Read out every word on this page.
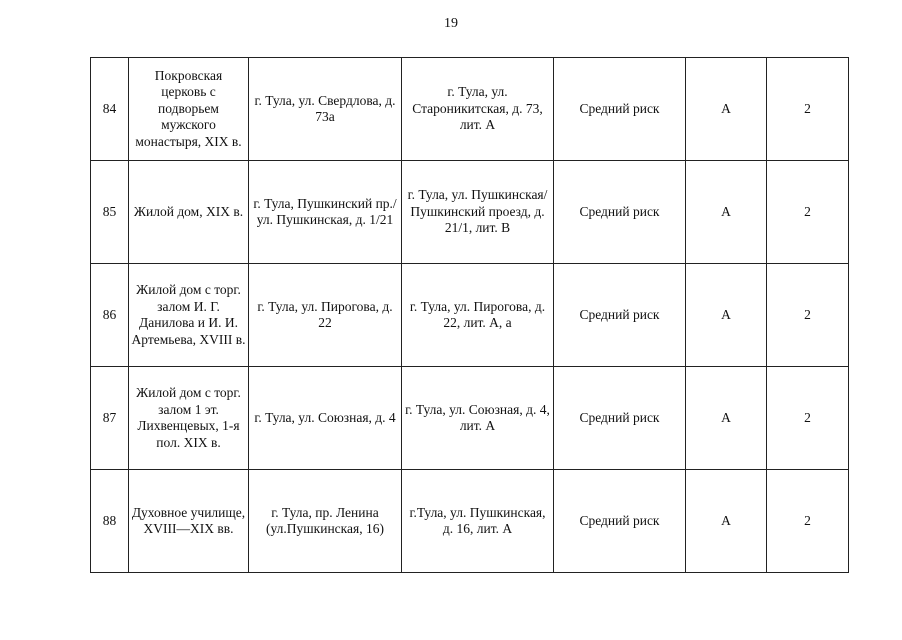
19
84	Покровская церковь с подворьем мужского монастыря, XIX в.	г. Тула, ул. Свердлова, д. 73а	г. Тула, ул. Староникитская, д. 73, лит. А	Средний риск	А	2
85	Жилой дом, XIX в.	г. Тула, Пушкинский пр./ул. Пушкинская, д. 1/21	г. Тула, ул. Пушкинская/ Пушкинский проезд, д. 21/1, лит. В	Средний риск	А	2
86	Жилой дом с торг. залом И. Г. Данилова и И. И. Артемьева, XVIII в.	г. Тула, ул. Пирогова, д. 22	г. Тула, ул. Пирогова, д. 22, лит. А, а	Средний риск	А	2
87	Жилой дом с торг. залом 1 эт. Лихвенцевых, 1-я пол. XIX в.	г. Тула, ул. Союзная, д. 4	г. Тула, ул. Союзная, д. 4, лит. А	Средний риск	А	2
88	Духовное училище, XVIII—XIX вв.	г. Тула, пр. Ленина (ул.Пушкинская, 16)	г.Тула, ул. Пушкинская, д. 16, лит. А	Средний риск	А	2
